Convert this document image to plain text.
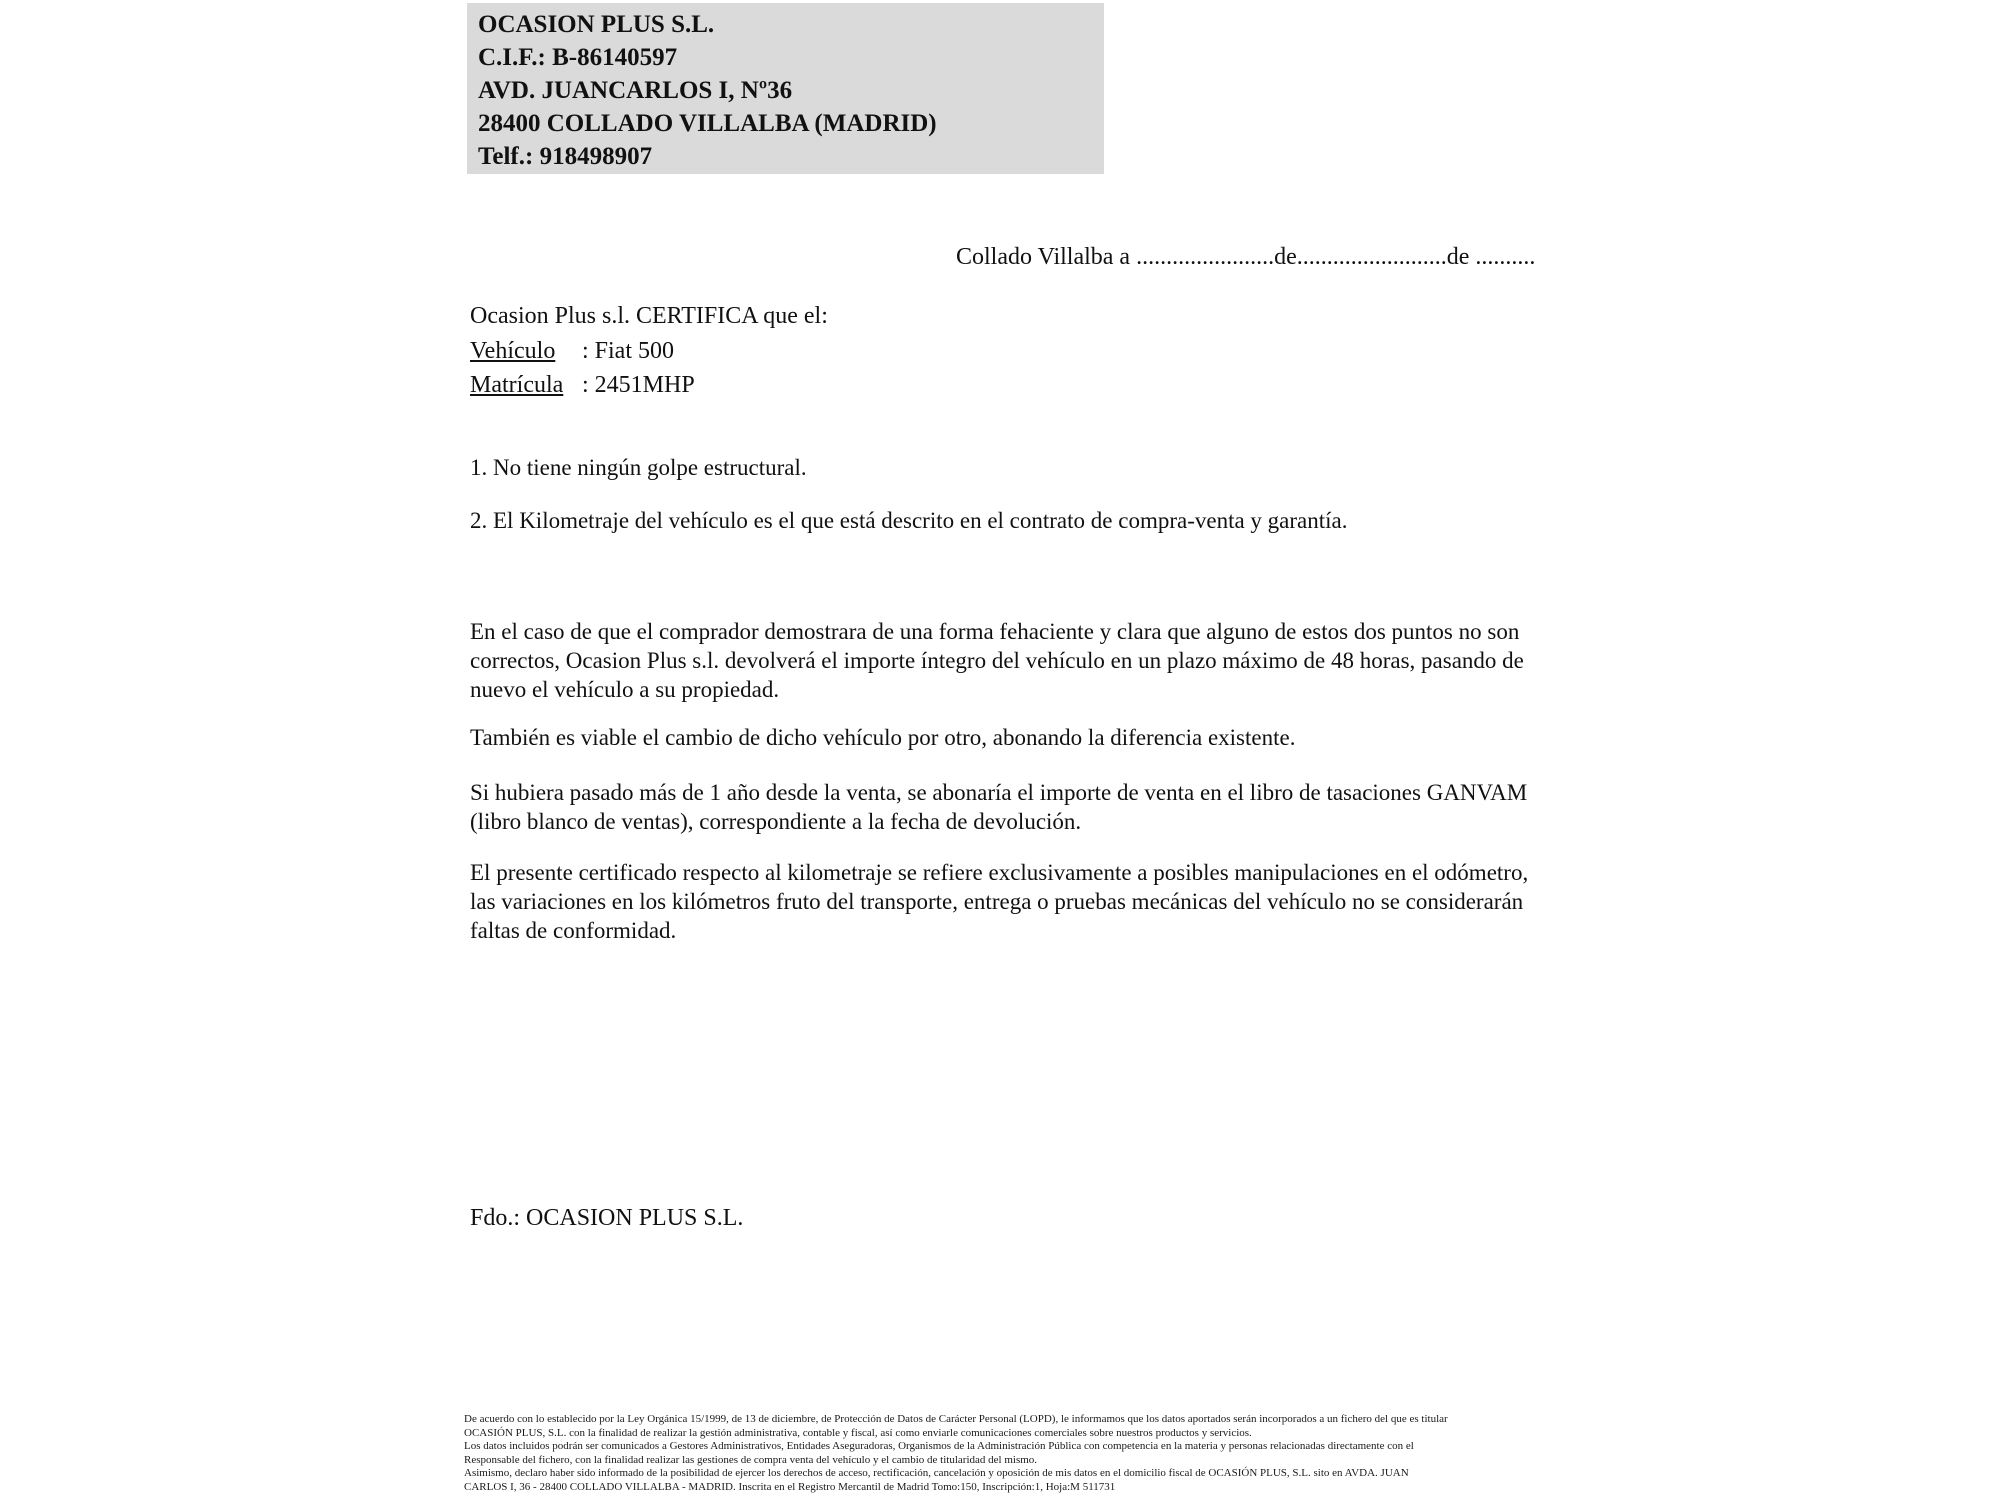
OCASION PLUS S.L.
C.I.F.: B-86140597
AVD. JUANCARLOS I, Nº36
28400 COLLADO VILLALBA (MADRID)
Telf.: 918498907
Collado Villalba a .......................de.........................de ..........
Ocasion Plus s.l. CERTIFICA que el:
Vehículo : Fiat 500
Matrícula : 2451MHP
1. No tiene ningún golpe estructural.
2. El Kilometraje del vehículo es el que está descrito en el contrato de compra-venta y garantía.
En el caso de que el comprador demostrara de una forma fehaciente y clara que alguno de estos dos puntos no son correctos, Ocasion Plus s.l. devolverá el importe íntegro del vehículo en un plazo máximo de 48 horas, pasando de nuevo el vehículo a su propiedad.
También es viable el cambio de dicho vehículo por otro, abonando la diferencia existente.
Si hubiera pasado más de 1 año desde la venta, se abonaría el importe de venta en el libro de tasaciones GANVAM (libro blanco de ventas), correspondiente a la fecha de devolución.
El presente certificado respecto al kilometraje se refiere exclusivamente a posibles manipulaciones en el odómetro, las variaciones en los kilómetros fruto del transporte, entrega o pruebas mecánicas del vehículo no se considerarán faltas de conformidad.
Fdo.: OCASION PLUS S.L.
De acuerdo con lo establecido por la Ley Orgánica 15/1999, de 13 de diciembre, de Protección de Datos de Carácter Personal (LOPD), le informamos que los datos aportados serán incorporados a un fichero del que es titular
OCASIÓN PLUS, S.L. con la finalidad de realizar la gestión administrativa, contable y fiscal, así como enviarle comunicaciones comerciales sobre nuestros productos y servicios.
Los datos incluidos podrán ser comunicados a Gestores Administrativos, Entidades Aseguradoras, Organismos de la Administración Pública con competencia en la materia y personas relacionadas directamente con el
Responsable del fichero, con la finalidad realizar las gestiones de compra venta del vehículo y el cambio de titularidad del mismo.
Asimismo, declaro haber sido informado de la posibilidad de ejercer los derechos de acceso, rectificación, cancelación y oposición de mis datos en el domicilio fiscal de OCASIÓN PLUS, S.L. sito en AVDA. JUAN
CARLOS I, 36 - 28400 COLLADO VILLALBA - MADRID. Inscrita en el Registro Mercantil de Madrid Tomo:150, Inscripción:1, Hoja:M 511731
